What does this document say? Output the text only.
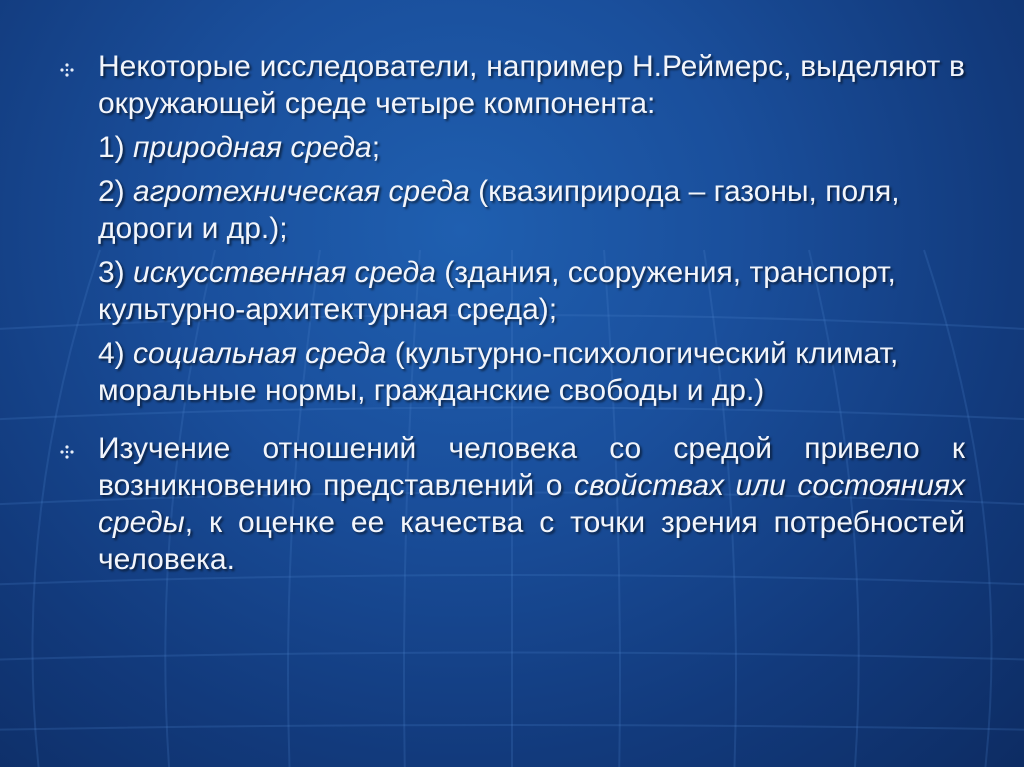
Некоторые исследователи, например Н.Реймерс, выделяют в окружающей среде четыре компонента:

1) природная среда;

2) агротехническая среда (квазиприрода – газоны, поля, дороги и др.);

3) искусственная среда (здания, ссоружения, транспорт, культурно-архитектурная среда);

4) социальная среда (культурно-психологический климат, моральные нормы, гражданские свободы и др.)

Изучение отношений человека со средой привело к возникновению представлений о свойствах или состояниях среды, к оценке ее качества с точки зрения потребностей человека.
